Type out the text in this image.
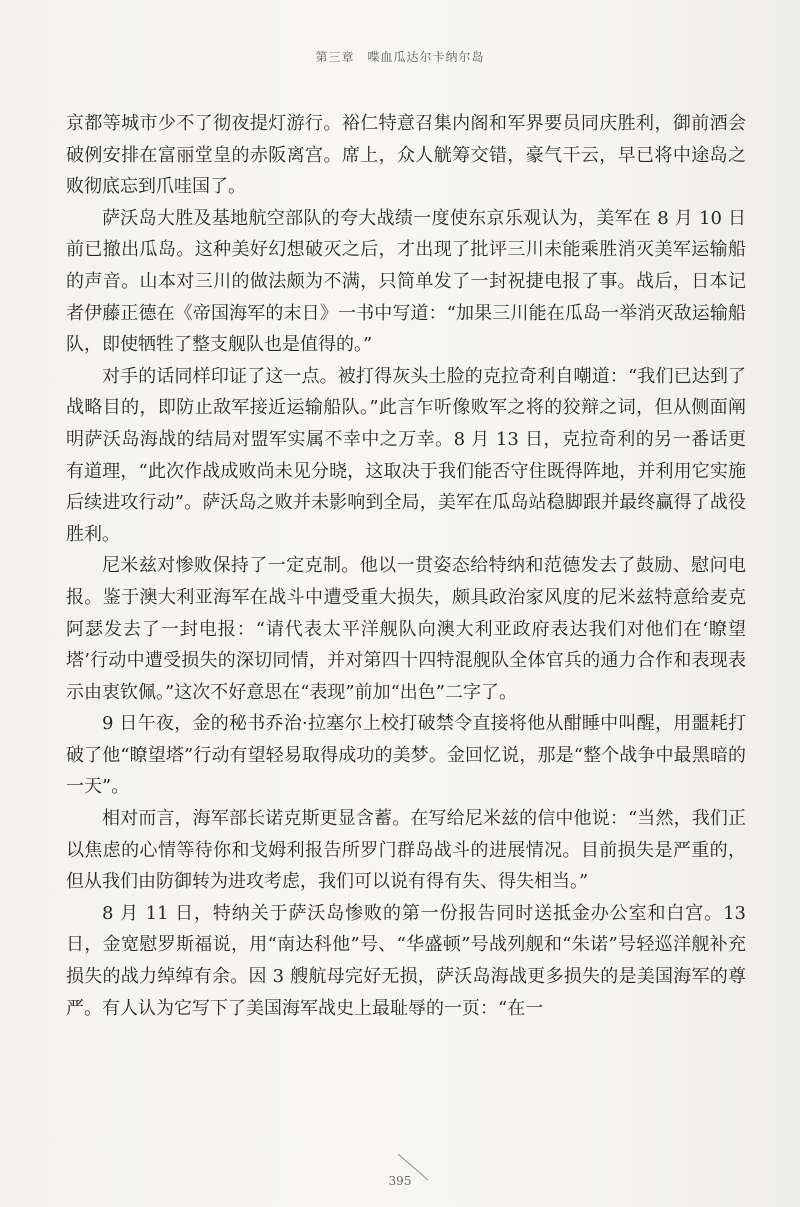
第三章　喋血瓜达尔卡纳尔岛

京都等城市少不了彻夜提灯游行。裕仁特意召集内阁和军界要员同庆胜利，御前酒会破例安排在富丽堂皇的赤阪离宫。席上，众人觥筹交错，豪气干云，早已将中途岛之败彻底忘到爪哇国了。

萨沃岛大胜及基地航空部队的夸大战绩一度使东京乐观认为，美军在 8 月 10 日前已撤出瓜岛。这种美好幻想破灭之后，才出现了批评三川未能乘胜消灭美军运输船的声音。山本对三川的做法颇为不满，只简单发了一封祝捷电报了事。战后，日本记者伊藤正德在《帝国海军的末日》一书中写道：“加果三川能在瓜岛一举消灭敌运输船队，即使牺牲了整支舰队也是值得的。”

对手的话同样印证了这一点。被打得灰头土脸的克拉奇利自嘲道：“我们已达到了战略目的，即防止敌军接近运输船队。”此言乍听像败军之将的狡辩之词，但从侧面阐明萨沃岛海战的结局对盟军实属不幸中之万幸。8 月 13 日，克拉奇利的另一番话更有道理，“此次作战成败尚未见分晓，这取决于我们能否守住既得阵地，并利用它实施后续进攻行动”。萨沃岛之败并未影响到全局，美军在瓜岛站稳脚跟并最终赢得了战役胜利。

尼米兹对惨败保持了一定克制。他以一贯姿态给特纳和范德发去了鼓励、慰问电报。鉴于澳大利亚海军在战斗中遭受重大损失，颇具政治家风度的尼米兹特意给麦克阿瑟发去了一封电报：“请代表太平洋舰队向澳大利亚政府表达我们对他们在‘瞭望塔’行动中遭受损失的深切同情，并对第四十四特混舰队全体官兵的通力合作和表现表示由衷钦佩。”这次不好意思在“表现”前加“出色”二字了。

9 日午夜，金的秘书乔治·拉塞尔上校打破禁令直接将他从酣睡中叫醒，用噩耗打破了他“瞭望塔”行动有望轻易取得成功的美梦。金回忆说，那是“整个战争中最黑暗的一天”。

相对而言，海军部长诺克斯更显含蓄。在写给尼米兹的信中他说：“当然，我们正以焦虑的心情等待你和戈姆利报告所罗门群岛战斗的进展情况。目前损失是严重的，但从我们由防御转为进攻考虑，我们可以说有得有失、得失相当。”

8 月 11 日，特纳关于萨沃岛惨败的第一份报告同时送抵金办公室和白宫。13 日，金宽慰罗斯福说，用“南达科他”号、“华盛顿”号战列舰和“朱诺”号轻巡洋舰补充损失的战力绰绰有余。因 3 艘航母完好无损，萨沃岛海战更多损失的是美国海军的尊严。有人认为它写下了美国海军战史上最耻辱的一页：“在一

395
